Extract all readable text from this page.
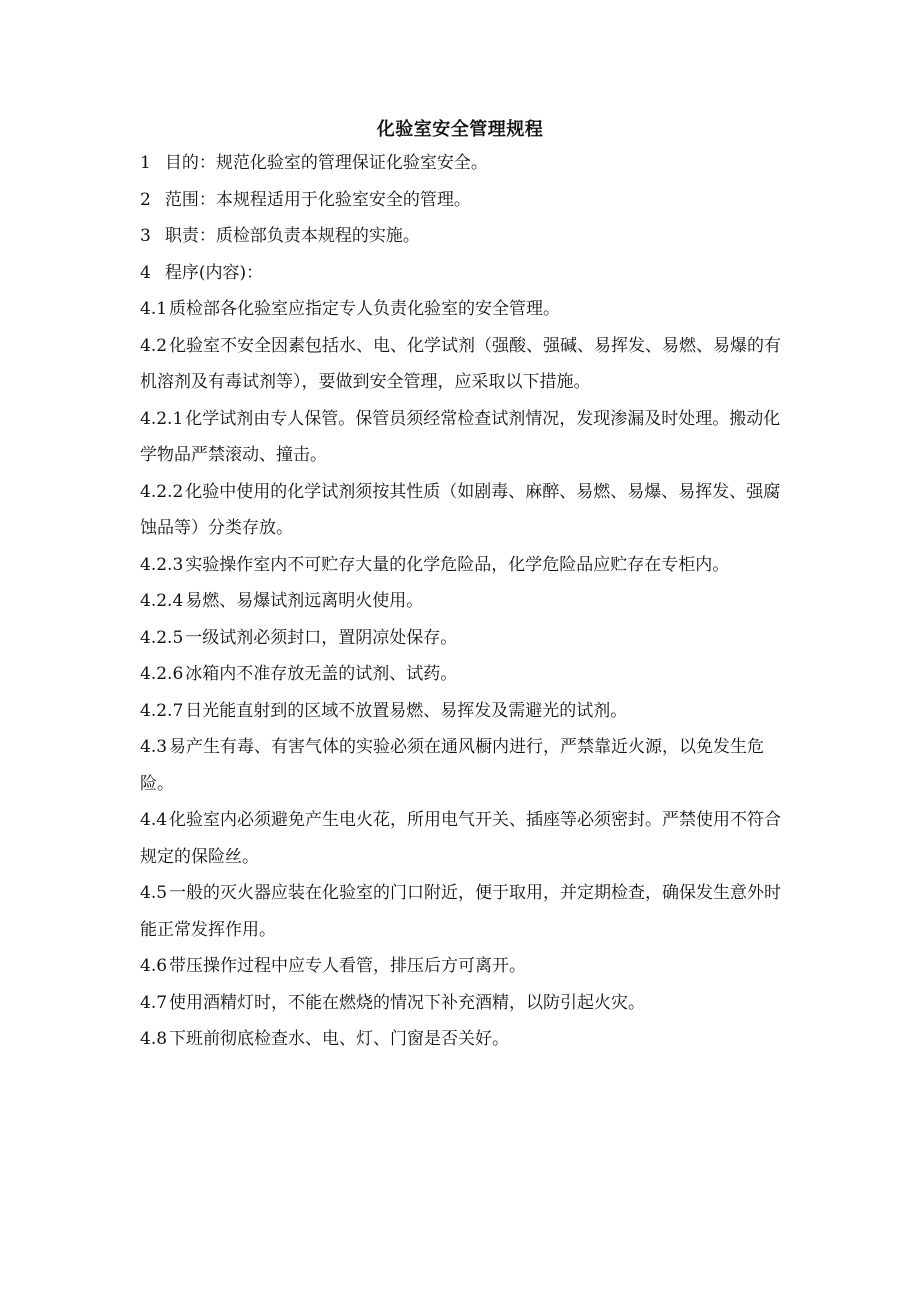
化验室安全管理规程

1 目的：规范化验室的管理保证化验室安全。

2 范围：本规程适用于化验室安全的管理。

3 职责：质检部负责本规程的实施。

4 程序(内容)：

4.1 质检部各化验室应指定专人负责化验室的安全管理。

4.2 化验室不安全因素包括水、电、化学试剂（强酸、强碱、易挥发、易燃、易爆的有机溶剂及有毒试剂等），要做到安全管理，应采取以下措施。

4.2.1 化学试剂由专人保管。保管员须经常检查试剂情况，发现渗漏及时处理。搬动化学物品严禁滚动、撞击。

4.2.2 化验中使用的化学试剂须按其性质（如剧毒、麻醉、易燃、易爆、易挥发、强腐蚀品等）分类存放。

4.2.3 实验操作室内不可贮存大量的化学危险品，化学危险品应贮存在专柜内。

4.2.4 易燃、易爆试剂远离明火使用。

4.2.5 一级试剂必须封口，置阴凉处保存。

4.2.6 冰箱内不准存放无盖的试剂、试药。

4.2.7 日光能直射到的区域不放置易燃、易挥发及需避光的试剂。

4.3 易产生有毒、有害气体的实验必须在通风橱内进行，严禁靠近火源，以免发生危险。

4.4 化验室内必须避免产生电火花，所用电气开关、插座等必须密封。严禁使用不符合规定的保险丝。

4.5 一般的灭火器应装在化验室的门口附近，便于取用，并定期检查，确保发生意外时能正常发挥作用。

4.6 带压操作过程中应专人看管，排压后方可离开。

4.7 使用酒精灯时，不能在燃烧的情况下补充酒精，以防引起火灾。

4.8 下班前彻底检查水、电、灯、门窗是否关好。
